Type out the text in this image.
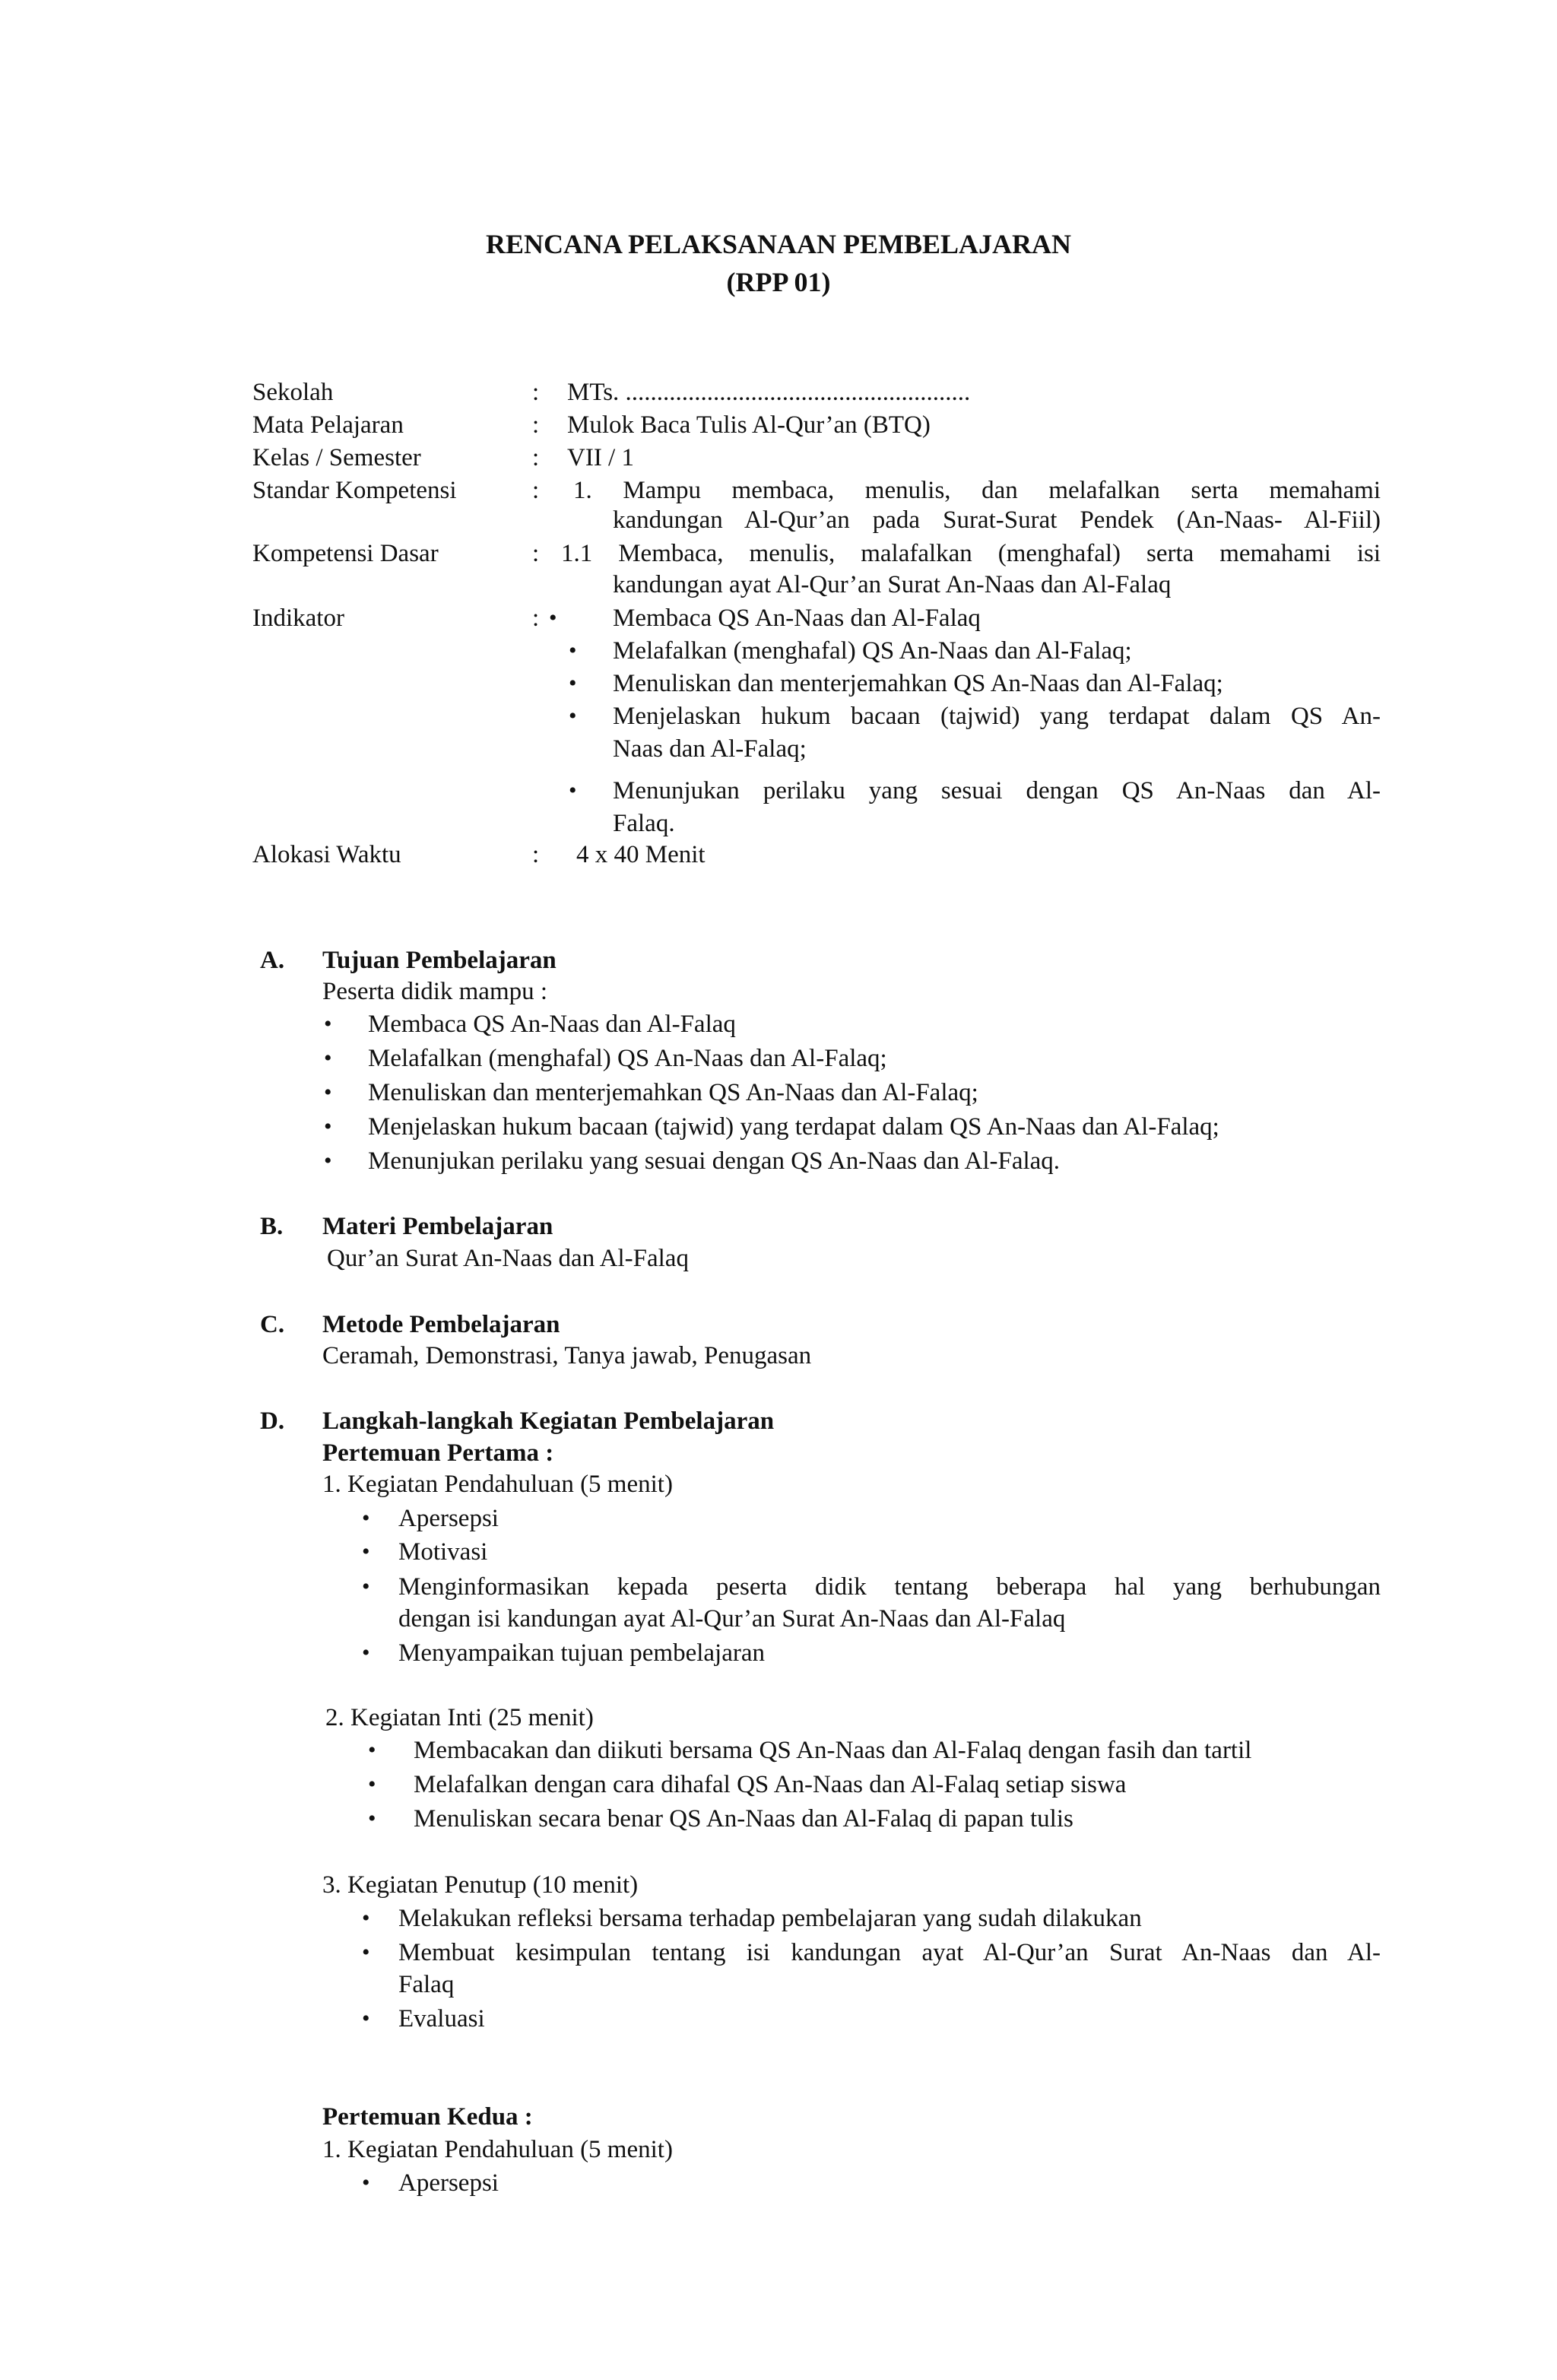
RENCANA PELAKSANAAN PEMBELAJARAN
(RPP 01)
Sekolah	: MTs. .......................................................
Mata Pelajaran	: Mulok Baca Tulis Al-Qur’an (BTQ)
Kelas / Semester	: VII / 1
Standar Kompetensi	: 1. Mampu membaca, menulis, dan melafalkan serta memahami
kandungan Al-Qur’an pada Surat-Surat Pendek (An-Naas- Al-Fiil)
Kompetensi Dasar	: 1.1 Membaca, menulis, malafalkan (menghafal) serta memahami isi
kandungan ayat Al-Qur’an Surat An-Naas dan Al-Falaq
Indikator	: • Membaca QS An-Naas dan Al-Falaq
• Melafalkan (menghafal) QS An-Naas dan Al-Falaq;
• Menuliskan dan menterjemahkan QS An-Naas dan Al-Falaq;
• Menjelaskan hukum bacaan (tajwid) yang terdapat dalam QS An-
Naas dan Al-Falaq;
• Menunjukan perilaku yang sesuai dengan QS An-Naas dan Al-
Falaq.
Alokasi Waktu	: 4 x 40 Menit
A. Tujuan Pembelajaran
Peserta didik mampu :
• Membaca QS An-Naas dan Al-Falaq
• Melafalkan (menghafal) QS An-Naas dan Al-Falaq;
• Menuliskan dan menterjemahkan QS An-Naas dan Al-Falaq;
• Menjelaskan hukum bacaan (tajwid) yang terdapat dalam QS An-Naas dan Al-Falaq;
• Menunjukan perilaku yang sesuai dengan QS An-Naas dan Al-Falaq.
B. Materi Pembelajaran
Qur’an Surat An-Naas dan Al-Falaq
C. Metode Pembelajaran
Ceramah, Demonstrasi, Tanya jawab, Penugasan
D. Langkah-langkah Kegiatan Pembelajaran
Pertemuan Pertama :
1. Kegiatan Pendahuluan (5 menit)
• Apersepsi
• Motivasi
• Menginformasikan kepada peserta didik tentang beberapa hal yang berhubungan
dengan isi kandungan ayat Al-Qur’an Surat An-Naas dan Al-Falaq
• Menyampaikan tujuan pembelajaran
2. Kegiatan Inti (25 menit)
• Membacakan dan diikuti bersama QS An-Naas dan Al-Falaq dengan fasih dan tartil
• Melafalkan dengan cara dihafal QS An-Naas dan Al-Falaq setiap siswa
• Menuliskan secara benar QS An-Naas dan Al-Falaq di papan tulis
3. Kegiatan Penutup (10 menit)
• Melakukan refleksi bersama terhadap pembelajaran yang sudah dilakukan
• Membuat kesimpulan tentang isi kandungan ayat Al-Qur’an Surat An-Naas dan Al-
Falaq
• Evaluasi
Pertemuan Kedua :
1. Kegiatan Pendahuluan (5 menit)
• Apersepsi
